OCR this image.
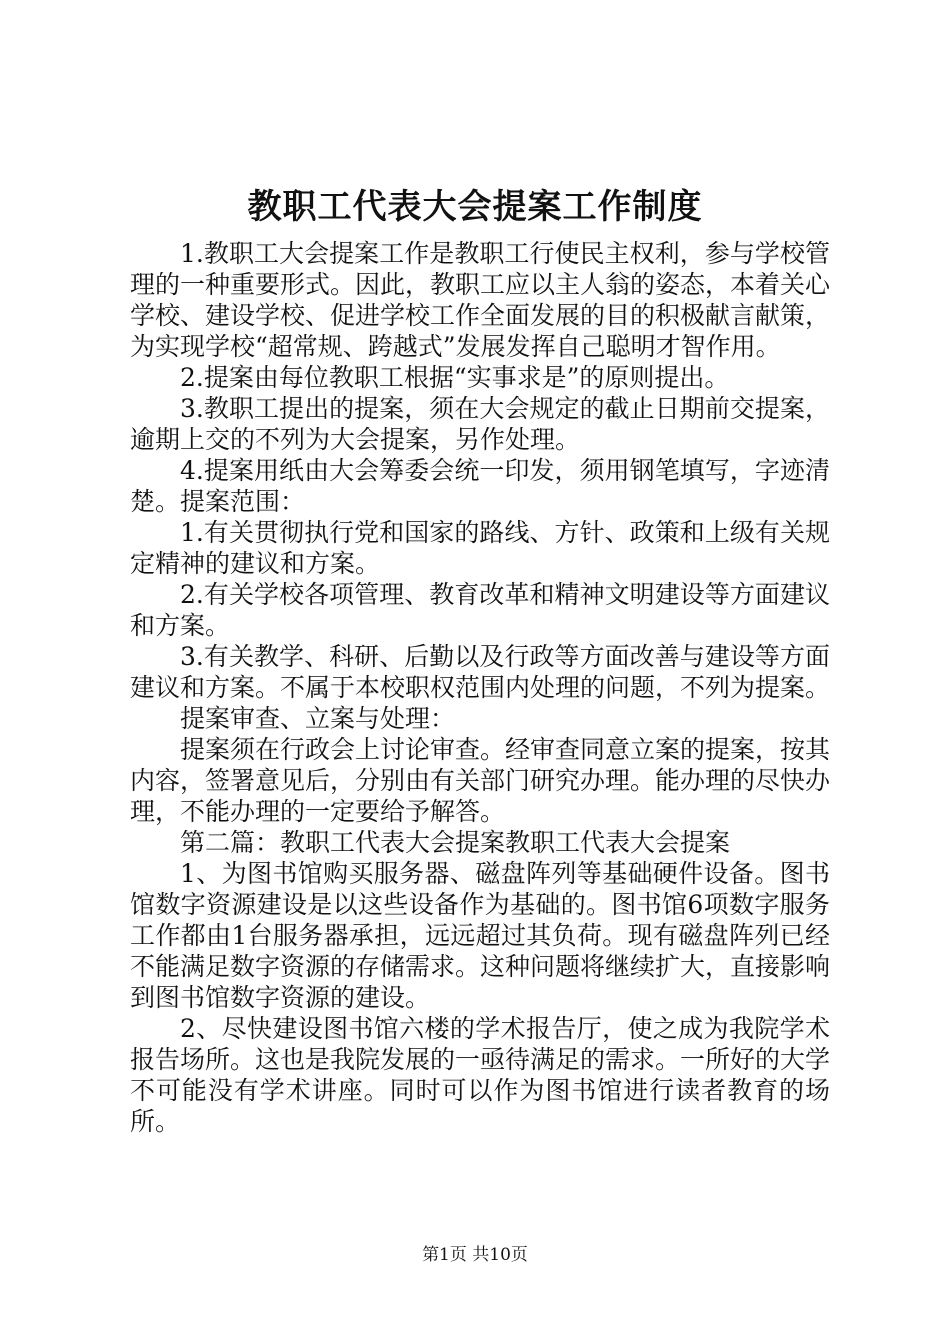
教职工代表大会提案工作制度

1.教职工大会提案工作是教职工行使民主权利，参与学校管理的一种重要形式。因此，教职工应以主人翁的姿态，本着关心学校、建设学校、促进学校工作全面发展的目的积极献言献策，为实现学校“超常规、跨越式”发展发挥自己聪明才智作用。

2.提案由每位教职工根据“实事求是”的原则提出。

3.教职工提出的提案，须在大会规定的截止日期前交提案，逾期上交的不列为大会提案，另作处理。

4.提案用纸由大会筹委会统一印发，须用钢笔填写，字迹清楚。提案范围：

1.有关贯彻执行党和国家的路线、方针、政策和上级有关规定精神的建议和方案。

2.有关学校各项管理、教育改革和精神文明建设等方面建议和方案。

3.有关教学、科研、后勤以及行政等方面改善与建设等方面建议和方案。不属于本校职权范围内处理的问题，不列为提案。

提案审查、立案与处理：

提案须在行政会上讨论审查。经审查同意立案的提案，按其内容，签署意见后，分别由有关部门研究办理。能办理的尽快办理，不能办理的一定要给予解答。

第二篇：教职工代表大会提案教职工代表大会提案

1、为图书馆购买服务器、磁盘阵列等基础硬件设备。图书馆数字资源建设是以这些设备作为基础的。图书馆6项数字服务工作都由1台服务器承担，远远超过其负荷。现有磁盘阵列已经不能满足数字资源的存储需求。这种问题将继续扩大，直接影响到图书馆数字资源的建设。

2、尽快建设图书馆六楼的学术报告厅，使之成为我院学术报告场所。这也是我院发展的一亟待满足的需求。一所好的大学不可能没有学术讲座。同时可以作为图书馆进行读者教育的场所。

第1页 共10页
